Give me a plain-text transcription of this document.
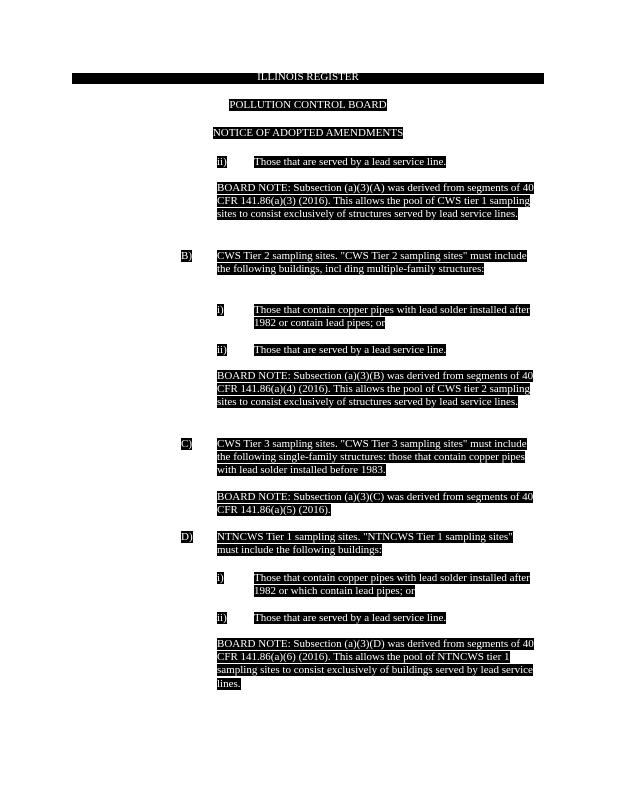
ILLINOIS REGISTER
POLLUTION CONTROL BOARD
NOTICE OF ADOPTED AMENDMENTS
ii) Those that are served by a lead service line.
BOARD NOTE: Subsection (a)(3)(A) was derived from segments of 40 CFR 141.86(a)(3) (2016). This allows the pool of CWS tier 1 sampling sites to consist exclusively of structures served by lead service lines.
B) CWS Tier 2 sampling sites. "CWS Tier 2 sampling sites" must include the following buildings, incl ding multiple-family structures:
i)	Those that contain copper pipes with lead solder installed after 1982 or contain lead pipes; or
ii) Those that are served by a lead service line.
BOARD NOTE: Subsection (a)(3)(B) was derived from segments of 40 CFR 141.86(a)(4) (2016). This allows the pool of CWS tier 2 sampling sites to consist exclusively of structures served by lead service lines.
C) CWS Tier 3 sampling sites. "CWS Tier 3 sampling sites" must include the following single-family structures: those that contain copper pipes with lead solder installed before 1983.
BOARD NOTE: Subsection (a)(3)(C) was derived from segments of 40 CFR 141.86(a)(5) (2016).
D) NTNCWS Tier 1 sampling sites. "NTNCWS Tier 1 sampling sites" must include the following buildings:
i)	Those that contain copper pipes with lead solder installed after 1982 or which contain lead pipes; or
ii) Those that are served by a lead service line.
BOARD NOTE: Subsection (a)(3)(D) was derived from segments of 40 CFR 141.86(a)(6) (2016). This allows the pool of NTNCWS tier 1 sampling sites to consist exclusively of buildings served by lead service lines.
